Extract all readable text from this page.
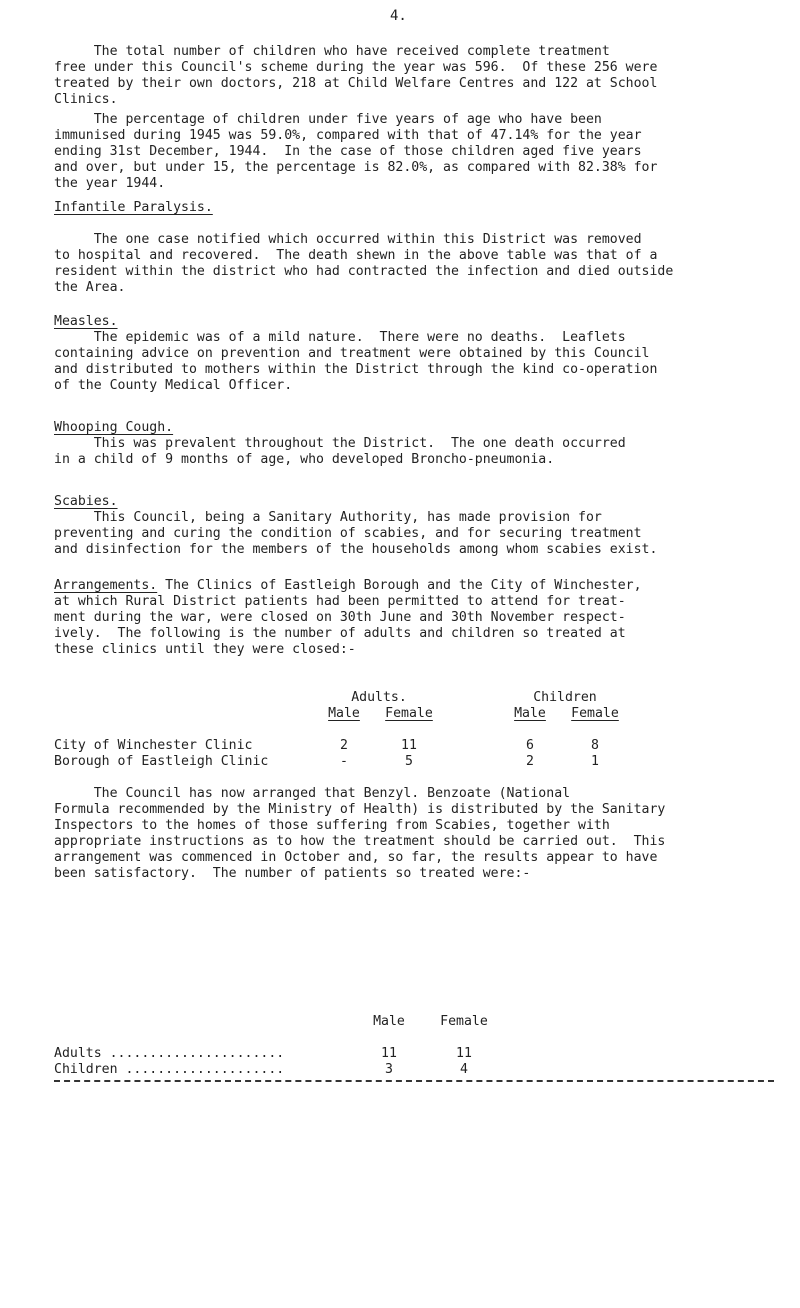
4.

The total number of children who have received complete treatment
free under this Council's scheme during the year was 596.  Of these 256 were
treated by their own doctors, 218 at Child Welfare Centres and 122 at School
Clinics.

The percentage of children under five years of age who have been
immunised during 1945 was 59.0%, compared with that of 47.14% for the year
ending 31st December, 1944.  In the case of those children aged five years
and over, but under 15, the percentage is 82.0%, as compared with 82.38% for
the year 1944.

Infantile Paralysis.

The one case notified which occurred within this District was removed
to hospital and recovered.  The death shewn in the above table was that of a
resident within the district who had contracted the infection and died outside
the Area.

Measles.

The epidemic was of a mild nature.  There were no deaths.  Leaflets
containing advice on prevention and treatment were obtained by this Council
and distributed to mothers within the District through the kind co-operation
of the County Medical Officer.

Whooping Cough.

This was prevalent throughout the District.  The one death occurred
in a child of 9 months of age, who developed Broncho-pneumonia.

Scabies.

This Council, being a Sanitary Authority, has made provision for
preventing and curing the condition of scabies, and for securing treatment
and disinfection for the members of the households among whom scabies exist.

Arrangements. The Clinics of Eastleigh Borough and the City of Winchester,
at which Rural District patients had been permitted to attend for treat-
ment during the war, were closed on 30th June and 30th November respect-
ively.  The following is the number of adults and children so treated at
these clinics until they were closed:-
	Adults.			Children	
	Male	Female		Male	Female

City of Winchester Clinic	2	11		6	8
Borough of Eastleigh Clinic	-	5		2	1

The Council has now arranged that Benzyl. Benzoate (National
Formula recommended by the Ministry of Health) is distributed by the Sanitary
Inspectors to the homes of those suffering from Scabies, together with
appropriate instructions as to how the treatment should be carried out.  This
arrangement was commenced in October and, so far, the results appear to have
been satisfactory.  The number of patients so treated were:-

	Male	Female

Adults ......................	11	11
Children ....................	3	4
